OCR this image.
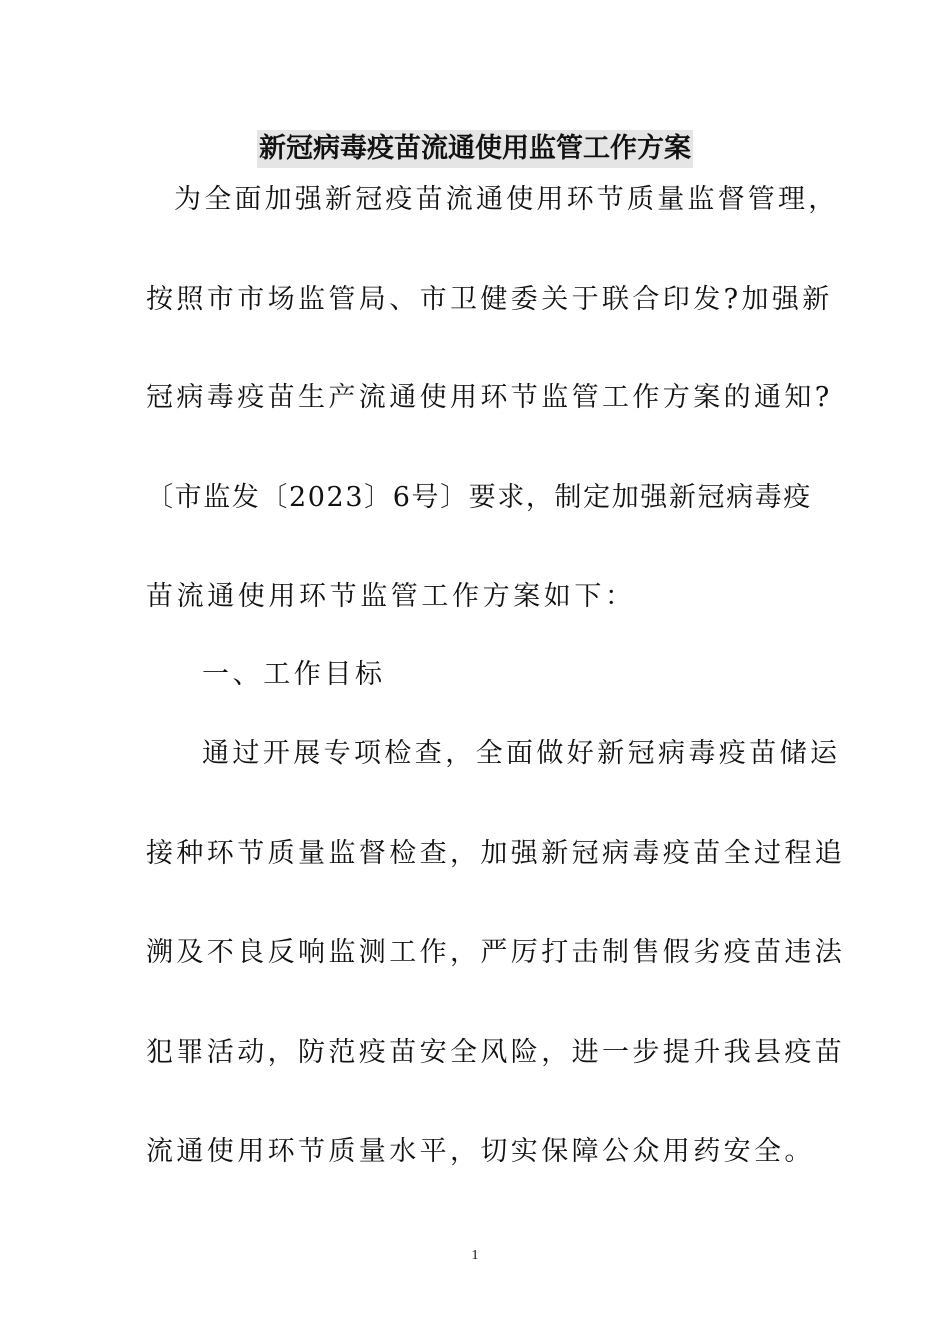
新冠病毒疫苗流通使用监管工作方案
为全面加强新冠疫苗流通使用环节质量监督管理，
按照市市场监管局、市卫健委关于联合印发?加强新
冠病毒疫苗生产流通使用环节监管工作方案的通知?
〔市监发〔2023〕6号〕要求，制定加强新冠病毒疫
苗流通使用环节监管工作方案如下：
一、工作目标
通过开展专项检查，全面做好新冠病毒疫苗储运
接种环节质量监督检查，加强新冠病毒疫苗全过程追
溯及不良反响监测工作，严厉打击制售假劣疫苗违法
犯罪活动，防范疫苗安全风险，进一步提升我县疫苗
流通使用环节质量水平，切实保障公众用药安全。
1
